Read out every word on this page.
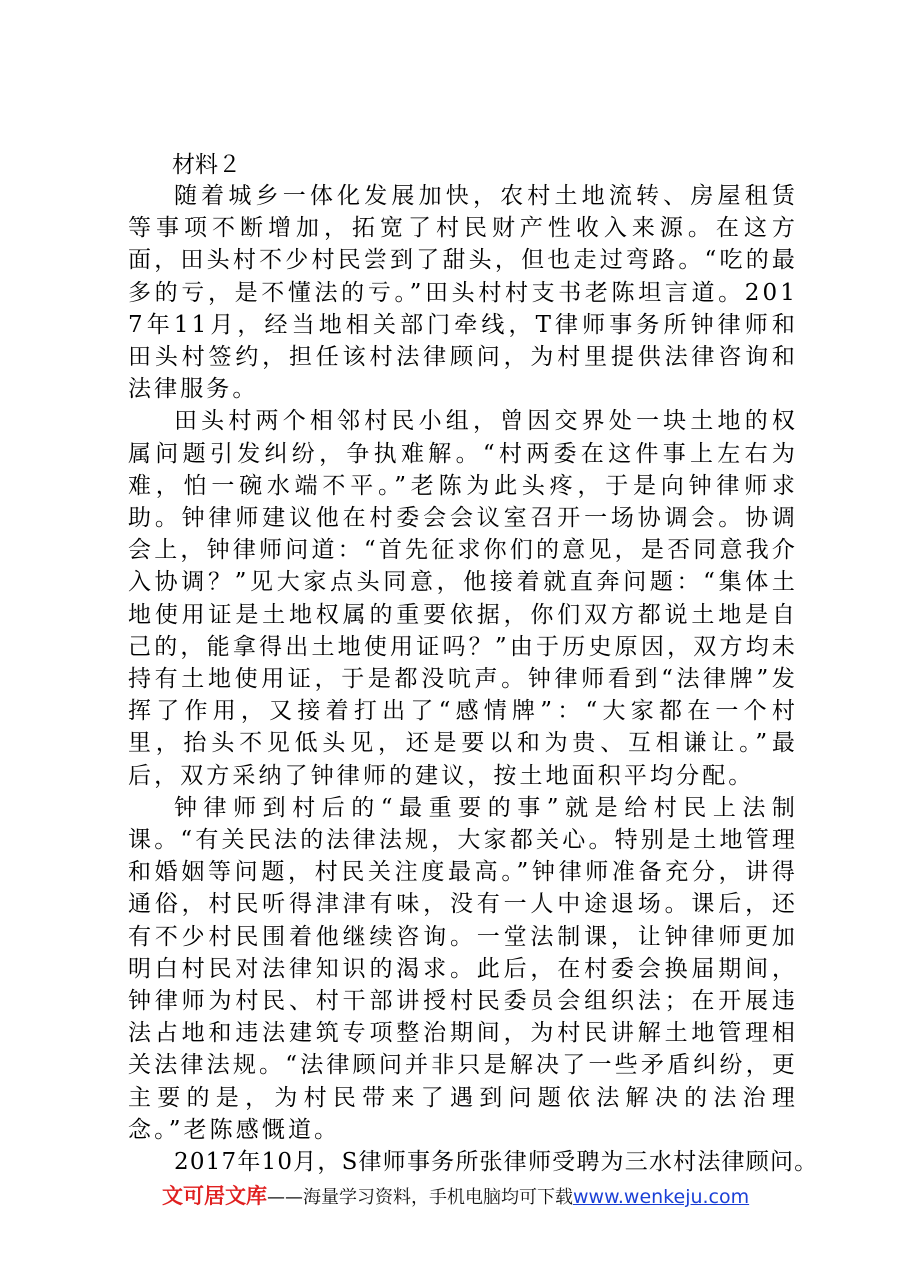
材料２

随着城乡一体化发展加快，农村土地流转、房屋租赁等事项不断增加，拓宽了村民财产性收入来源。在这方面，田头村不少村民尝到了甜头，但也走过弯路。“吃的最多的亏，是不懂法的亏。”田头村村支书老陈坦言道。2017年11月，经当地相关部门牵线，T律师事务所钟律师和田头村签约，担任该村法律顾问，为村里提供法律咨询和法律服务。

田头村两个相邻村民小组，曾因交界处一块土地的权属问题引发纠纷，争执难解。“村两委在这件事上左右为难，怕一碗水端不平。”老陈为此头疼，于是向钟律师求助。钟律师建议他在村委会会议室召开一场协调会。协调会上，钟律师问道：“首先征求你们的意见，是否同意我介入协调？”见大家点头同意，他接着就直奔问题：“集体土地使用证是土地权属的重要依据，你们双方都说土地是自己的，能拿得出土地使用证吗？”由于历史原因，双方均未持有土地使用证，于是都没吭声。钟律师看到“法律牌”发挥了作用，又接着打出了“感情牌”：“大家都在一个村里，抬头不见低头见，还是要以和为贵、互相谦让。”最后，双方采纳了钟律师的建议，按土地面积平均分配。

钟律师到村后的“最重要的事”就是给村民上法制课。“有关民法的法律法规，大家都关心。特别是土地管理和婚姻等问题，村民关注度最高。”钟律师准备充分，讲得通俗，村民听得津津有味，没有一人中途退场。课后，还有不少村民围着他继续咨询。一堂法制课，让钟律师更加明白村民对法律知识的渴求。此后，在村委会换届期间，钟律师为村民、村干部讲授村民委员会组织法；在开展违法占地和违法建筑专项整治期间，为村民讲解土地管理相关法律法规。“法律顾问并非只是解决了一些矛盾纠纷，更主要的是，为村民带来了遇到问题依法解决的法治理念。”老陈感慨道。

2017年10月，S律师事务所张律师受聘为三水村法律顾问。

文可居文库——海量学习资料，手机电脑均可下载www.wenkeju.com
